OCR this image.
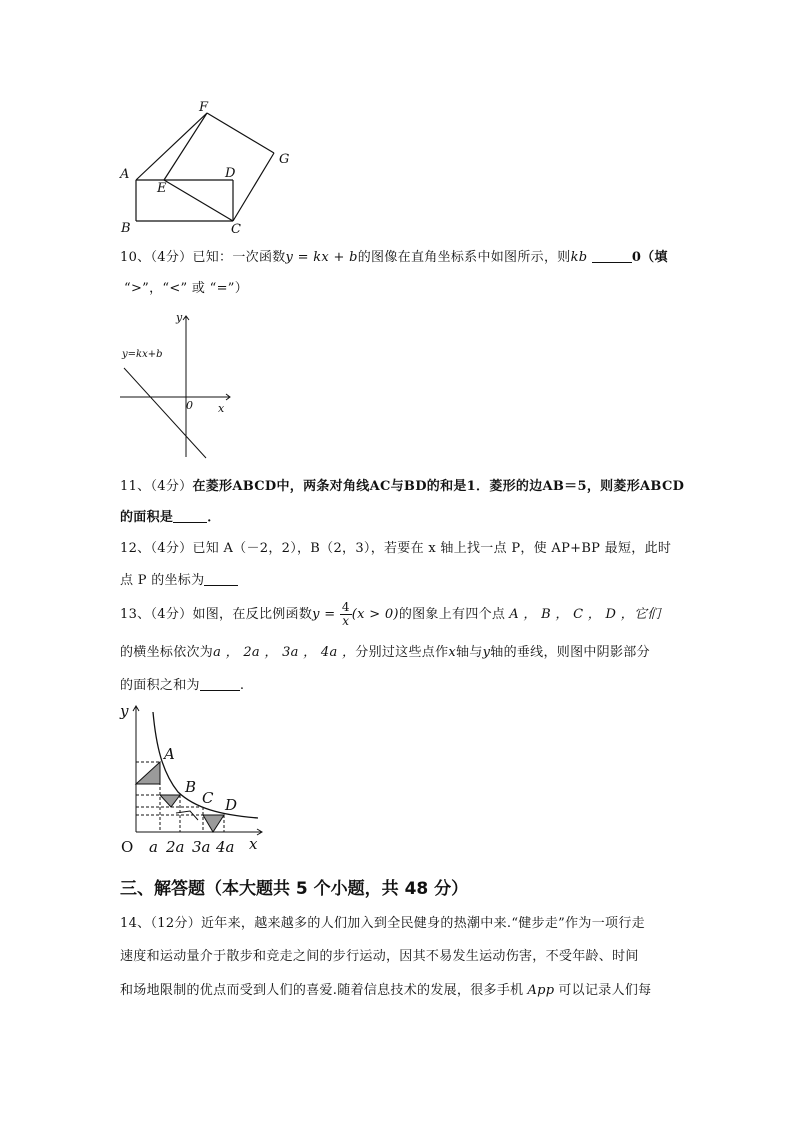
F
G
A	D
E
B	C
10、（4分）已知：一次函数y = kx + b的图像在直角坐标系中如图所示，则kb	0（填
“>”，“<” 或 “=”）
y
x
0
y=kx+b
11、（4分）在菱形ABCD中，两条对角线AC与BD的和是1．菱形的边AB＝5，则菱形ABCD
的面积是	．
12、（4分）已知 A（－2，2），B（2，3），若要在 x 轴上找一点 P，使 AP+BP 最短，此时
点 P 的坐标为
13、（4分）如图，在反比例函数$y = \frac{4}{x} (x > 0)$的图象上有四个点 A ， B ， C ， D ，它们
的横坐标依次为a ， 2a ， 3a ， 4a ，分别过这些点作x轴与y轴的垂线，则图中阴影部分
的面积之和为	.
y
x
O
A
B
C D
a 2a 3a 4a
三、解答题（本大题共 5 个小题，共 48 分）
14、（12分）近年来，越来越多的人们加入到全民健身的热潮中来.“健步走”作为一项行走
速度和运动量介于散步和竞走之间的步行运动，因其不易发生运动伤害，不受年龄、时间
和场地限制的优点而受到人们的喜爱.随着信息技术的发展，很多手机 App 可以记录人们每
